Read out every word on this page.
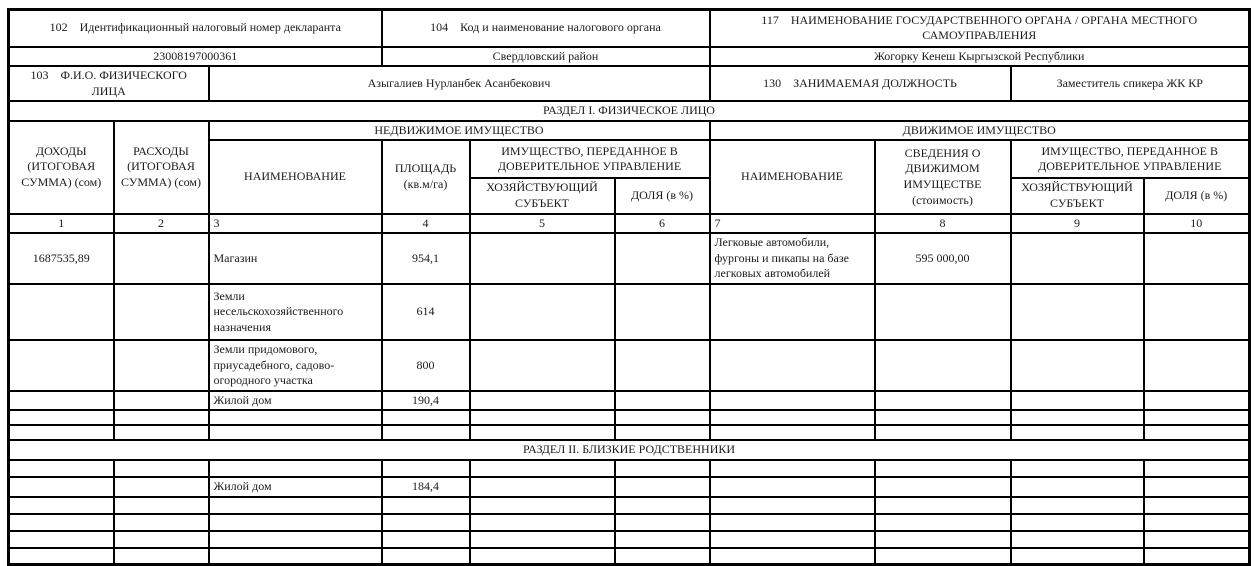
102 Идентификационный налоговый номер декларанта			104 Код и наименование налогового органа			117 НАИМЕНОВАНИЕ ГОСУДАРСТВЕННОГО ОРГАНА / ОРГАНА МЕСТНОГО САМОУПРАВЛЕНИЯ			
23008197000361			Свердловский район			Жогорку Кенеш Кыргызской Республики			
103 Ф.И.О. ФИЗИЧЕСКОГО ЛИЦА		Азыгалиев Нурланбек Асанбекович				130 ЗАНИМАЕМАЯ ДОЛЖНОСТЬ		Заместитель спикера ЖК КР	
РАЗДЕЛ I. ФИЗИЧЕСКОЕ ЛИЦО									
ДОХОДЫ (ИТОГОВАЯ СУММА) (сом)	РАСХОДЫ (ИТОГОВАЯ СУММА) (сом)	НЕДВИЖИМОЕ ИМУЩЕСТВО				ДВИЖИМОЕ ИМУЩЕСТВО			
		НАИМЕНОВАНИЕ	ПЛОЩАДЬ (кв.м/га)	ИМУЩЕСТВО, ПЕРЕДАННОЕ В ДОВЕРИТЕЛЬНОЕ УПРАВЛЕНИЕ		НАИМЕНОВАНИЕ	СВЕДЕНИЯ О ДВИЖИМОМ ИМУЩЕСТВЕ (стоимость)	ИМУЩЕСТВО, ПЕРЕДАННОЕ В ДОВЕРИТЕЛЬНОЕ УПРАВЛЕНИЕ	
				ХОЗЯЙСТВУЮЩИЙ СУБЪЕКТ	ДОЛЯ (в %)			ХОЗЯЙСТВУЮЩИЙ СУБЪЕКТ	ДОЛЯ (в %)
1	2	3	4	5	6	7	8	9	10
1687535,89		Магазин	954,1			Легковые автомобили, фургоны и пикапы на базе легковых автомобилей	595 000,00		
		Земли несельскохозяйственного назначения	614						
		Земли придомового, приусадебного, садово-огородного участка	800						
		Жилой дом	190,4						

РАЗДЕЛ II. БЛИЗКИЕ РОДСТВЕННИКИ									

		Жилой дом	184,4						
